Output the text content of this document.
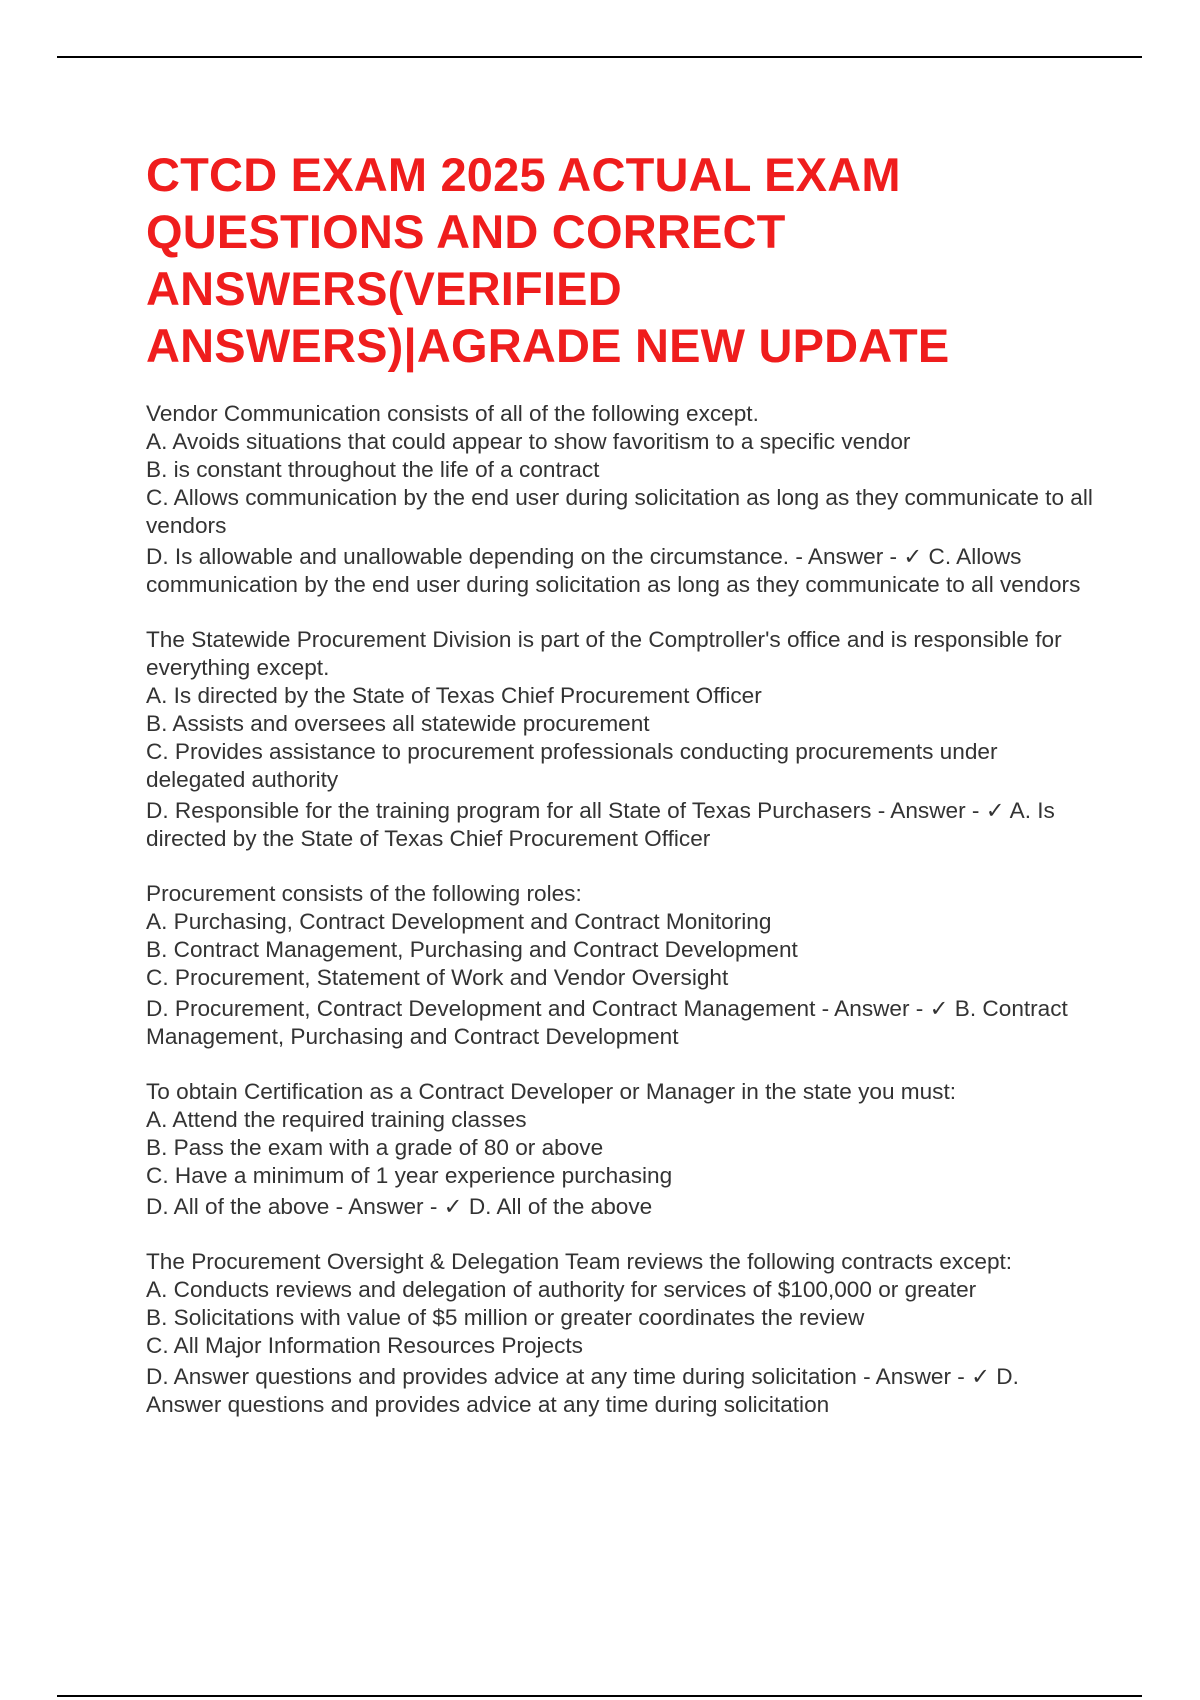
CTCD EXAM 2025 ACTUAL EXAM QUESTIONS AND CORRECT ANSWERS(VERIFIED ANSWERS)|AGRADE NEW UPDATE
Vendor Communication consists of all of the following except.
A. Avoids situations that could appear to show favoritism to a specific vendor
B. is constant throughout the life of a contract
C. Allows communication by the end user during solicitation as long as they communicate to all vendors
D. Is allowable and unallowable depending on the circumstance. - Answer - ✓ C. Allows communication by the end user during solicitation as long as they communicate to all vendors
The Statewide Procurement Division is part of the Comptroller's office and is responsible for everything except.
A. Is directed by the State of Texas Chief Procurement Officer
B. Assists and oversees all statewide procurement
C. Provides assistance to procurement professionals conducting procurements under delegated authority
D. Responsible for the training program for all State of Texas Purchasers - Answer - ✓ A. Is directed by the State of Texas Chief Procurement Officer
Procurement consists of the following roles:
A. Purchasing, Contract Development and Contract Monitoring
B. Contract Management, Purchasing and Contract Development
C. Procurement, Statement of Work and Vendor Oversight
D. Procurement, Contract Development and Contract Management - Answer - ✓ B. Contract Management, Purchasing and Contract Development
To obtain Certification as a Contract Developer or Manager in the state you must:
A. Attend the required training classes
B. Pass the exam with a grade of 80 or above
C. Have a minimum of 1 year experience purchasing
D. All of the above - Answer - ✓ D. All of the above
The Procurement Oversight & Delegation Team reviews the following contracts except:
A. Conducts reviews and delegation of authority for services of $100,000 or greater
B. Solicitations with value of $5 million or greater coordinates the review
C. All Major Information Resources Projects
D. Answer questions and provides advice at any time during solicitation - Answer - ✓ D. Answer questions and provides advice at any time during solicitation
